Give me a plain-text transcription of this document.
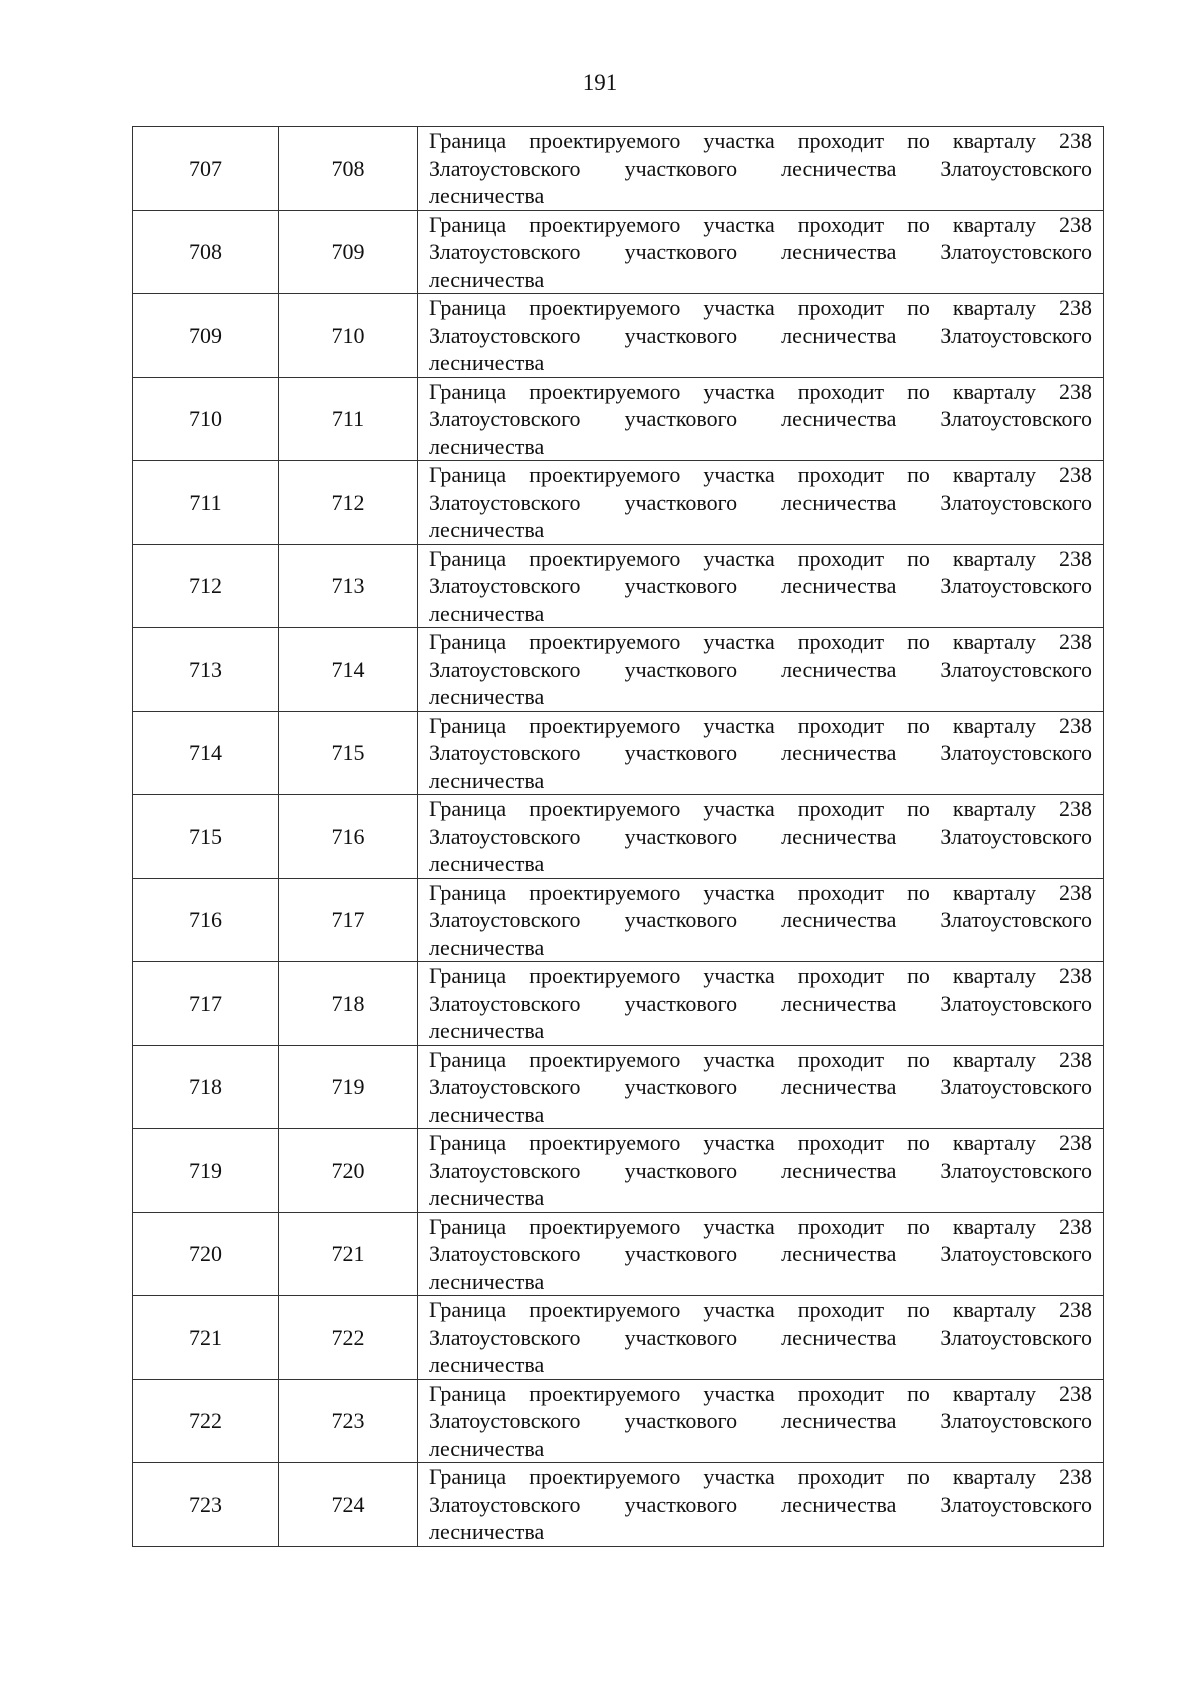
191
707	708	Граница проектируемого участка проходит по кварталу 238 Златоустовского участкового лесничества Златоустовского лесничества
708	709	Граница проектируемого участка проходит по кварталу 238 Златоустовского участкового лесничества Златоустовского лесничества
709	710	Граница проектируемого участка проходит по кварталу 238 Златоустовского участкового лесничества Златоустовского лесничества
710	711	Граница проектируемого участка проходит по кварталу 238 Златоустовского участкового лесничества Златоустовского лесничества
711	712	Граница проектируемого участка проходит по кварталу 238 Златоустовского участкового лесничества Златоустовского лесничества
712	713	Граница проектируемого участка проходит по кварталу 238 Златоустовского участкового лесничества Златоустовского лесничества
713	714	Граница проектируемого участка проходит по кварталу 238 Златоустовского участкового лесничества Златоустовского лесничества
714	715	Граница проектируемого участка проходит по кварталу 238 Златоустовского участкового лесничества Златоустовского лесничества
715	716	Граница проектируемого участка проходит по кварталу 238 Златоустовского участкового лесничества Златоустовского лесничества
716	717	Граница проектируемого участка проходит по кварталу 238 Златоустовского участкового лесничества Златоустовского лесничества
717	718	Граница проектируемого участка проходит по кварталу 238 Златоустовского участкового лесничества Златоустовского лесничества
718	719	Граница проектируемого участка проходит по кварталу 238 Златоустовского участкового лесничества Златоустовского лесничества
719	720	Граница проектируемого участка проходит по кварталу 238 Златоустовского участкового лесничества Златоустовского лесничества
720	721	Граница проектируемого участка проходит по кварталу 238 Златоустовского участкового лесничества Златоустовского лесничества
721	722	Граница проектируемого участка проходит по кварталу 238 Златоустовского участкового лесничества Златоустовского лесничества
722	723	Граница проектируемого участка проходит по кварталу 238 Златоустовского участкового лесничества Златоустовского лесничества
723	724	Граница проектируемого участка проходит по кварталу 238 Златоустовского участкового лесничества Златоустовского лесничества
